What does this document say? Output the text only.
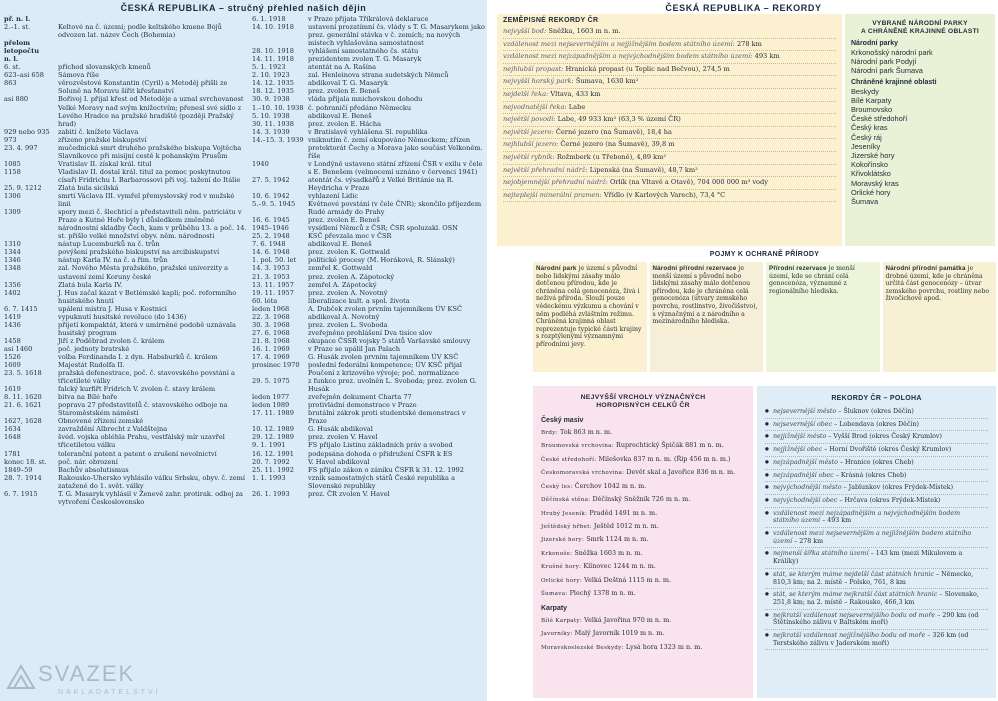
ČESKÁ REPUBLIKA – stručný přehled našich dějin
př. n. l.
2.–1. st.	Keltové na č. území; podle keltského kmene Bójů odvozen lat. název Čech (Bohemia)
přelom letopočtu
n. l.
6. st.	příchod slovanských kmenů
623–asi 658	Sámova říše
863	věrozvěstové Konstantin (Cyril) a Metoděj přišli ze Soluně na Moravu šířit křesťanství
asi 880	Bořivoj I. přijal křest od Metoděje a uznal svrchovanost Velké Moravy nad svým knížectvím; přenesl své sídlo z Levého Hradce na pražské hradiště (později Pražský hrad)
929 nebo 935	zabití č. knížete Václava
973	zřízeno pražské biskupství
23. 4. 997	mučednická smrt druhého pražského biskupa Vojtěcha Slavníkovce při misijní cestě k pohanským Prusům
1085	Vratislav II. získal král. titul
1158	Vladislav II. dostal král. titul za pomoc poskytnutou císaři Fridrichu I. Barbarossovi při voj. tažení do Itálie
25. 9. 1212	Zlatá bula sicilská
1306	smrtí Václava III. vymřel přemyslovský rod v mužské linii
1309	spory mezi č. šlechticí a představiteli něm. patriciátu v Praze a Kutné Hoře byly i důsledkem změněné národnostní skladby Čech, kam v průběhu 13. a poč. 14. st. přišlo velké množství obyv. něm. národnosti
1310	nástup Lucemburků na č. trůn
1344	povýšení pražského biskupství na arcibiskupství
1346	nástup Karla IV. na č. a řím. trůn
1348	zal. Nového Města pražského, pražské univerzity a ustavení zemí Koruny české
1356	Zlatá bula Karla IV.
1402	J. Hus začal kázat v Betlémské kapli; poč. reformního husitského hnutí
6. 7. 1415	upálení mistra J. Husa v Kostnici
1419	vypuknutí husitské revoluce (do 1436)
1436	přijetí kompaktát, která v umírněné podobě uznávala husitský program
1458	Jiří z Poděbrad zvolen č. králem
asi 1460	poč. jednoty bratrské
1526	volba Ferdinanda I. z dyn. Habsburků č. králem
1609	Majestát Rudolfa II.
23. 5. 1618	pražská defenestrace, poč. č. stavovského povstání a třicetileté války
1619	falcký kurfiřt Fridrich V. zvolen č. stavy králem
8. 11. 1620	bitva na Bílé hoře
21. 6. 1621	poprava 27 představitelů č. stavovského odboje na Staroměstském náměstí
1627, 1628	Obnovené zřízení zemské
1634	zavraždění Albrecht z Valdštejna
1648	švéd. vojska obléhla Prahu, vestfálský mír uzavřel třicetiletou válku
1781	toleranční patent a patent o zrušení nevolnictví
konec 18. st.	poč. nár. obrození
1849–59	Bachův absolutismus
28. 7. 1914	Rakousko-Uhersko vyhlásilo válku Srbsku, obyv. č. zemí zatažené do 1. svět. války
6. 7. 1915	T. G. Masaryk vyhlásil v Ženevě zahr. protirak. odboj za vytvoření Československo
6. 1. 1918	v Praze přijata Tříkrálová deklarace
14. 10. 1918	ustavení prozatímní čs. vlády s T. G. Masarykem jako prez. generální stávka v č. zemích; na nových místech vyhlašována samostatnost
28. 10. 1918	vyhlášení samostatného čs. státu
14. 11. 1918	prezidentem zvolen T. G. Masaryk
5. 1. 1923	atentát na A. Rašína
2. 10. 1923	zal. Henleinova strana sudetských Němců
14. 12. 1935	abdikoval T. G. Masaryk
18. 12. 1935	prez. zvolen E. Beneš
30. 9. 1938	vláda přijala mnichovskou dohodu
1.–10. 10. 1938 č. pohraničí předáno Německu
5. 10. 1938	abdikoval E. Beneš
30. 11. 1938	prez. zvolen E. Hácha
14. 3. 1939	v Bratislavě vyhlášena Sl. republika
14.–15. 3. 1939 vniknutím č. zemí okupováno Německem; zřízen protektorát Čechy a Morava jako součást Velkoněm. říše
1940	v Londýně ustaveno státní zřízení ČSR v exilu v čele s E. Benešem (velmocemi uznáno v červenci 1941)
27. 5. 1942	atentát čs. výsadkářů z Velké Británie na R. Heydricha v Praze
10. 6. 1942	vyhlazení Lidic
5.–9. 5. 1945	Květnové povstání (v čele ČNR); skončilo příjezdem Rudé armády do Prahy
16. 6. 1945	prez. zvolen E. Beneš
1945–1946	vysídlení Němců z ČSR; ČSR spoluzakl. OSN
25. 2. 1948	KSČ převzala moc v ČSR
7. 6. 1948	abdikoval E. Beneš
14. 6. 1948	prez. zvolen K. Gottwald
1. pol. 50. let	politické procesy (M. Horáková, R. Slánský)
14. 3. 1953	zemřel K. Gottwald
21. 3. 1953	prez. zvolen A. Zápotocký
13. 11. 1957	zemřel A. Zápotocký
19. 11. 1957	prez. zvolen A. Novotný
60. léta	liberalizace kult. a spol. života
leden 1968	A. Dubček zvolen prvním tajemníkem ÚV KSČ
22. 3. 1968	abdikoval A. Novotný
30. 3. 1968	prez. zvolen L. Svoboda
27. 6. 1968	zveřejněno prohlášení Dva tisíce slov
21. 8. 1968	okupace ČSSR vojsky 5 států Varšavské smlouvy
16. 1. 1969	v Praze se upálil Jan Palach
17. 4. 1969	G. Husák zvolen prvním tajemníkem ÚV KSČ
prosinec 1970	poslední federální kompetence; ÚV KSČ přijal Poučení z krizového vývoje; poč. normalizace
29. 5. 1975	z funkce prez. uvolněn L. Svoboda; prez. zvolen G. Husák
leden 1977	zveřejněn dokument Charta 77
leden 1989	protivládní demonstrace v Praze
17. 11. 1989	brutální zákrok proti studentské demonstraci v Praze
10. 12. 1989	G. Husák abdikoval
29. 12. 1989	prez. zvolen V. Havel
9. 1. 1991	FS přijalo Listinu základních práv a svobod
16. 12. 1991	podepsána dohoda o přidružení ČSFR k ES
20. 7. 1992	V. Havel abdikoval
25. 11. 1992	FS přijalo zákon o zániku ČSFR k 31. 12. 1992
1. 1. 1993	vznik samostatných států České republika a Slovenské republiky
26. 1. 1993	prez. ČR zvolen V. Havel
SVAZEK
NAKLADATELSTVÍ
ČESKÁ REPUBLIKA – REKORDY
ZEMĚPISNÉ REKORDY ČR
nejvyšší bod: Sněžka, 1603 m n. m.
vzdálenost mezi nejsevernějším a nejjižnějším bodem státního území: 278 km
vzdálenost mezi nejzápadnějším a nejvýchodnějším bodem státního území: 493 km
nejhlubší propast: Hranická propast (u Teplic nad Bečvou), 274,5 m
nejvyšší horský park: Šumava, 1630 km²
nejdelší řeka: Vltava, 433 km
nejvodnatější řeka: Labe
největší povodí: Labe, 49 933 km² (63,3 % území ČR)
největší jezero: Černé jezero (na Šumavě), 18,4 ha
nejhlubší jezero: Černé jezero (na Šumavě), 39,8 m
největší rybník: Rožmberk (u Třeboně), 4,89 km²
největší přehradní nádrž: Lipenská (na Šumavě), 48,7 km²
nejobjemnější přehradní nádrž: Orlík (na Vltavě a Otavě), 704 000 000 m³ vody
nejteplejší minerální pramen: Vřídlo (v Karlových Varech), 73,4 °C
VYBRANÉ NÁRODNÍ PARKY
A CHRÁNĚNÉ KRAJINNÉ OBLASTI
Národní parky
Krkonošský národní park
Národní park Podyjí
Národní park Šumava
Chráněné krajinné oblasti
Beskydy
Bílé Karpaty
Broumovsko
České středohoří
Český kras
Český ráj
Jeseníky
Jizerské hory
Kokořínsko
Křivoklátsko
Moravský kras
Orlické hory
Šumava
POJMY K OCHRANĚ PŘÍRODY
Národní park je území s původní nebo lidskými zásahy málo dotčenou přírodou, kde je chráněna celá genocenóza, živá i neživá příroda. Slouží pouze vědeckému výzkumu a chování v něm podléhá zvláštním režimu. Chráněná krajinná oblast reprezentuje typické části krajiny s rozptýlenými významnými přírodními jevy.
Národní přírodní rezervace je menší území s původní nebo lidskými zásahy málo dotčenou přírodou, kde je chráněna celá genocenóza (útvary zemského povrchu, rostlinstvo, živočišstvo), s význačnými a z národního a mezinárodního hlediska.
Přírodní rezervace je menší území, kde se chrání celá genocenóza, významné z regionálního hlediska.
Národní přírodní památka je drobné území, kde je chráněna určitá část genocenózy – útvar zemského povrchu, rostliny nebo živočichové apod.
NEJVYŠŠÍ VRCHOLY VÝZNAČNÝCH
HOROPISNÝCH CELKŮ ČR
Český masiv
Brdy: Tok 863 m n. m.
Broumovská vrchovina: Ruprechtický Špičák 881 m n. m.
České středohoří: Milešovka 837 m n. m. (Říp 456 m n. m.)
Českomoravská vrchovina: Devět skal a Javořice 836 m n. m.
Český les: Čerchov 1042 m n. m.
Děčínská stěna: Děčínský Sněžník 726 m n. m.
Hrubý Jeseník: Praděd 1491 m n. m.
Ještědský hřbet: Ještěd 1012 m n. m.
Jizerské hory: Smrk 1124 m n. m.
Krkonoše: Sněžka 1603 m n. m.
Krušné hory: Klínovec 1244 m n. m.
Orlické hory: Velká Deštná 1115 m n. m.
Šumava: Plechý 1378 m n. m.
Karpaty
Bílé Karpaty: Velká Javořina 970 m n. m.
Javorníky: Malý Javorník 1019 m n. m.
Moravskoslezské Beskydy: Lysá hora 1323 m n. m.
REKORDY ČR – POLOHA
● nejsevernější město – Šluknov (okres Děčín)
● nejsevernější obec – Lobendava (okres Děčín)
● nejjižnější město – Vyšší Brod (okres Český Krumlov)
● nejjižnější obec – Horní Dvořiště (okres Český Krumlov)
● nejzápadnější město – Hranice (okres Cheb)
● nejzápadnější obec – Krásná (okres Cheb)
● nejvýchodnější město – Jablunkov (okres Frýdek-Místek)
● nejvýchodnější obec – Hrčava (okres Frýdek-Místek)
● vzdálenost mezi nejzápadnějším a nejvýchodnějším bodem státního území – 493 km
● vzdálenost mezi nejsevernějším a nejjižnějším bodem státního území – 278 km
● nejmenší šířka státního území – 143 km (mezi Mikulovem a Králíky)
● stát, se kterým máme nejdelší část státních hranic – Německo, 810,3 km; na 2. místě – Polsko, 761, 8 km
● stát, se kterým máme nejkratší část státních hranic – Slovensko, 251,8 km; na 2. místě – Rakousko, 466,3 km
● nejkratší vzdálenost nejsevernějšího bodu od moře – 290 km (od Štětínského zálivu v Baltském moři)
● nejkratší vzdálenost nejjižnějšího bodu od moře – 326 km (od Terstského zálivu v Jaderském moři)
